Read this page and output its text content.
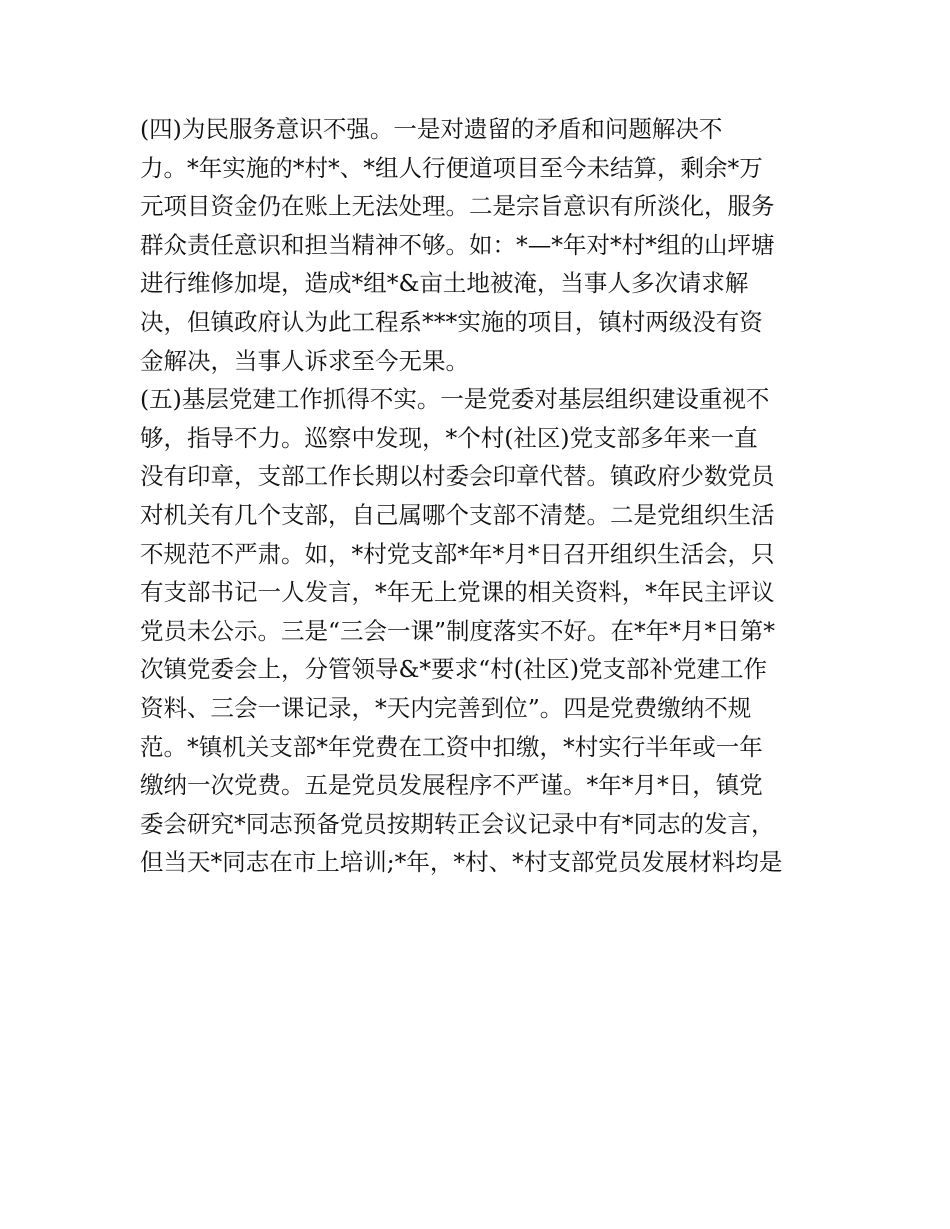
(四)为民服务意识不强。一是对遗留的矛盾和问题解决不

力。*年实施的*村*、*组人行便道项目至今未结算，剩余*万

元项目资金仍在账上无法处理。二是宗旨意识有所淡化，服务

群众责任意识和担当精神不够。如：*—*年对*村*组的山坪塘

进行维修加堤，造成*组*&亩土地被淹，当事人多次请求解

决，但镇政府认为此工程系***实施的项目，镇村两级没有资

金解决，当事人诉求至今无果。

(五)基层党建工作抓得不实。一是党委对基层组织建设重视不

够，指导不力。巡察中发现，*个村(社区)党支部多年来一直

没有印章，支部工作长期以村委会印章代替。镇政府少数党员

对机关有几个支部，自己属哪个支部不清楚。二是党组织生活

不规范不严肃。如，*村党支部*年*月*日召开组织生活会，只

有支部书记一人发言，*年无上党课的相关资料，*年民主评议

党员未公示。三是“三会一课”制度落实不好。在*年*月*日第*

次镇党委会上，分管领导&*要求“村(社区)党支部补党建工作

资料、三会一课记录，*天内完善到位”。四是党费缴纳不规

范。*镇机关支部*年党费在工资中扣缴，*村实行半年或一年

缴纳一次党费。五是党员发展程序不严谨。*年*月*日，镇党

委会研究*同志预备党员按期转正会议记录中有*同志的发言，

但当天*同志在市上培训;*年，*村、*村支部党员发展材料均是
